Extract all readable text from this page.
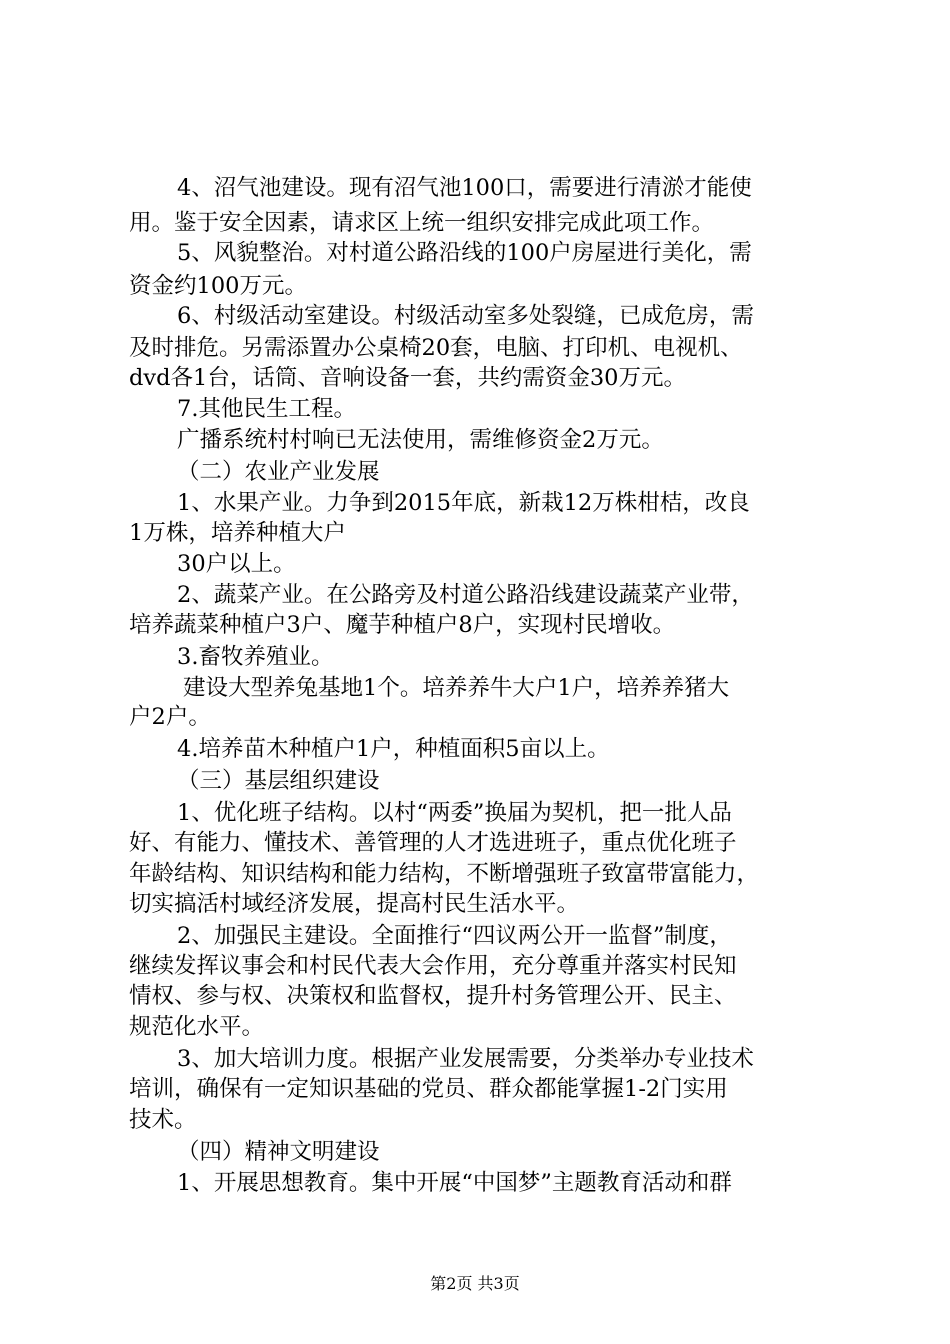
4、沼气池建设。现有沼气池100口，需要进行清淤才能使
用。鉴于安全因素，请求区上统一组织安排完成此项工作。
5、风貌整治。对村道公路沿线的100户房屋进行美化，需
资金约100万元。
6、村级活动室建设。村级活动室多处裂缝，已成危房，需
及时排危。另需添置办公桌椅20套，电脑、打印机、电视机、
dvd各1台，话筒、音响设备一套，共约需资金30万元。
7.其他民生工程。
广播系统村村响已无法使用，需维修资金2万元。
（二）农业产业发展
1、水果产业。力争到2015年底，新栽12万株柑桔，改良
1万株，培养种植大户
30户以上。
2、蔬菜产业。在公路旁及村道公路沿线建设蔬菜产业带，
培养蔬菜种植户3户、魔芋种植户8户，实现村民增收。
3.畜牧养殖业。
建设大型养兔基地1个。培养养牛大户1户，培养养猪大
户2户。
4.培养苗木种植户1户，种植面积5亩以上。
（三）基层组织建设
1、优化班子结构。以村“两委”换届为契机，把一批人品
好、有能力、懂技术、善管理的人才选进班子，重点优化班子
年龄结构、知识结构和能力结构，不断增强班子致富带富能力，
切实搞活村域经济发展，提高村民生活水平。
2、加强民主建设。全面推行“四议两公开一监督”制度，
继续发挥议事会和村民代表大会作用，充分尊重并落实村民知
情权、参与权、决策权和监督权，提升村务管理公开、民主、
规范化水平。
3、加大培训力度。根据产业发展需要，分类举办专业技术
培训，确保有一定知识基础的党员、群众都能掌握1-2门实用
技术。
（四）精神文明建设
1、开展思想教育。集中开展“中国梦”主题教育活动和群
第2页 共3页
